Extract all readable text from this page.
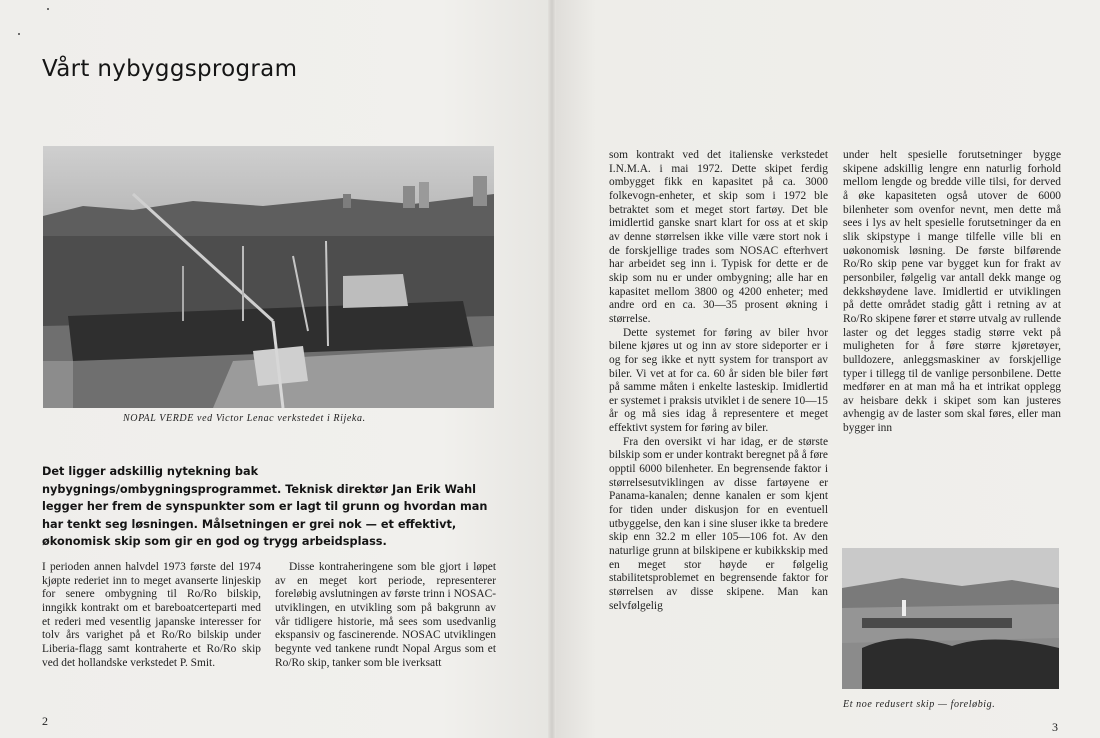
Vårt nybyggsprogram
NOPAL VERDE ved Victor Lenac verkstedet i Rijeka.

Det ligger adskillig nytekning bak nybygnings/ombygningsprogrammet. Teknisk direktør Jan Erik Wahl legger her frem de synspunkter som er lagt til grunn og hvordan man har tenkt seg løsningen. Målsetningen er grei nok — et effektivt, økonomisk skip som gir en god og trygg arbeidsplass.

I perioden annen halvdel 1973 første del 1974 kjøpte rederiet inn to meget avanserte linjeskip for senere ombygning til Ro/Ro bilskip, inngikk kontrakt om et bareboatcerteparti med et rederi med vesentlig japanske interesser for tolv års varighet på et Ro/Ro bilskip under Liberia-flagg samt kontraherte et Ro/Ro skip ved det hollandske verkstedet P. Smit.

Disse kontraheringene som ble gjort i løpet av en meget kort periode, representerer foreløbig avslutningen av første trinn i NOSAC-utviklingen, en utvikling som på bakgrunn av vår tidligere historie, må sees som usedvanlig ekspansiv og fascinerende. NOSAC utviklingen begynte ved tankene rundt Nopal Argus som et Ro/Ro skip, tanker som ble iverksatt

2

som kontrakt ved det italienske verkstedet I.N.M.A. i mai 1972. Dette skipet ferdig ombygget fikk en kapasitet på ca. 3000 folkevogn-enheter, et skip som i 1972 ble betraktet som et meget stort fartøy. Det ble imidlertid ganske snart klart for oss at et skip av denne størrelsen ikke ville være stort nok i de forskjellige trades som NOSAC efterhvert har arbeidet seg inn i. Typisk for dette er de skip som nu er under ombygning; alle har en kapasitet mellom 3800 og 4200 enheter; med andre ord en ca. 30—35 prosent økning i størrelse.

Dette systemet for føring av biler hvor bilene kjøres ut og inn av store sideporter er i og for seg ikke et nytt system for transport av biler. Vi vet at for ca. 60 år siden ble biler ført på samme måten i enkelte lasteskip. Imidlertid er systemet i praksis utviklet i de senere 10—15 år og må sies idag å representere et meget effektivt system for føring av biler.

Fra den oversikt vi har idag, er de største bilskip som er under kontrakt beregnet på å føre opptil 6000 bilenheter. En begrensende faktor i størrelsesutviklingen av disse fartøyene er Panama-kanalen; denne kanalen er som kjent for tiden under diskusjon for en eventuell utbyggelse, den kan i sine sluser ikke ta bredere skip enn 32.2 m eller 105—106 fot. Av den naturlige grunn at bilskipene er kubikkskip med en meget stor høyde er følgelig stabilitetsproblemet en begrensende faktor for størrelsen av disse skipene. Man kan selvfølgelig

under helt spesielle forutsetninger bygge skipene adskillig lengre enn naturlig forhold mellom lengde og bredde ville tilsi, for derved å øke kapasiteten også utover de 6000 bilenheter som ovenfor nevnt, men dette må sees i lys av helt spesielle forutsetninger da en slik skipstype i mange tilfelle ville bli en uøkonomisk løsning. De første bilførende Ro/Ro skip pene var bygget kun for frakt av personbiler, følgelig var antall dekk mange og dekkshøydene lave. Imidlertid er utviklingen på dette området stadig gått i retning av at Ro/Ro skipene fører et større utvalg av rullende laster og det legges stadig større vekt på muligheten for å føre større kjøretøyer, bulldozere, anleggsmaskiner av forskjellige typer i tillegg til de vanlige personbilene. Dette medfører en at man må ha et intrikat opplegg av heisbare dekk i skipet som kan justeres avhengig av de laster som skal føres, eller man bygger inn

Et noe redusert skip — foreløbig.
3
